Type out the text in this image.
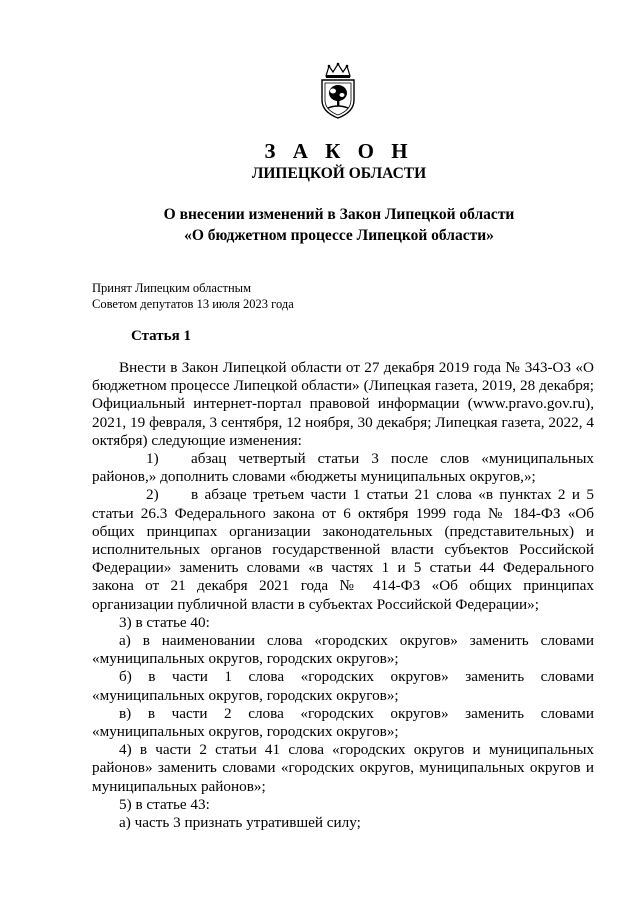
З А К О Н
ЛИПЕЦКОЙ ОБЛАСТИ
О внесении изменений в Закон Липецкой области
«О бюджетном процессе Липецкой области»
Принят Липецким областным
Советом депутатов 13 июля 2023 года
Статья 1

Внести в Закон Липецкой области от 27 декабря 2019 года № 343-ОЗ «О бюджетном процессе Липецкой области» (Липецкая газета, 2019, 28 декабря; Официальный интернет-портал правовой информации (www.pravo.gov.ru), 2021, 19 февраля, 3 сентября, 12 ноября, 30 декабря; Липецкая газета, 2022, 4 октября) следующие изменения:

1) абзац четвертый статьи 3 после слов «муниципальных районов,» дополнить словами «бюджеты муниципальных округов,»;

2) в абзаце третьем части 1 статьи 21 слова «в пунктах 2 и 5 статьи 26.3 Федерального закона от 6 октября 1999 года № 184-ФЗ «Об общих принципах организации законодательных (представительных) и исполнительных органов государственной власти субъектов Российской Федерации» заменить словами «в частях 1 и 5 статьи 44 Федерального закона от 21 декабря 2021 года № 414-ФЗ «Об общих принципах организации публичной власти в субъектах Российской Федерации»;

3) в статье 40:

а) в наименовании слова «городских округов» заменить словами «муниципальных округов, городских округов»;

б) в части 1 слова «городских округов» заменить словами «муниципальных округов, городских округов»;

в) в части 2 слова «городских округов» заменить словами «муниципальных округов, городских округов»;

4) в части 2 статьи 41 слова «городских округов и муниципальных районов» заменить словами «городских округов, муниципальных округов и муниципальных районов»;

5) в статье 43:

а) часть 3 признать утратившей силу;
